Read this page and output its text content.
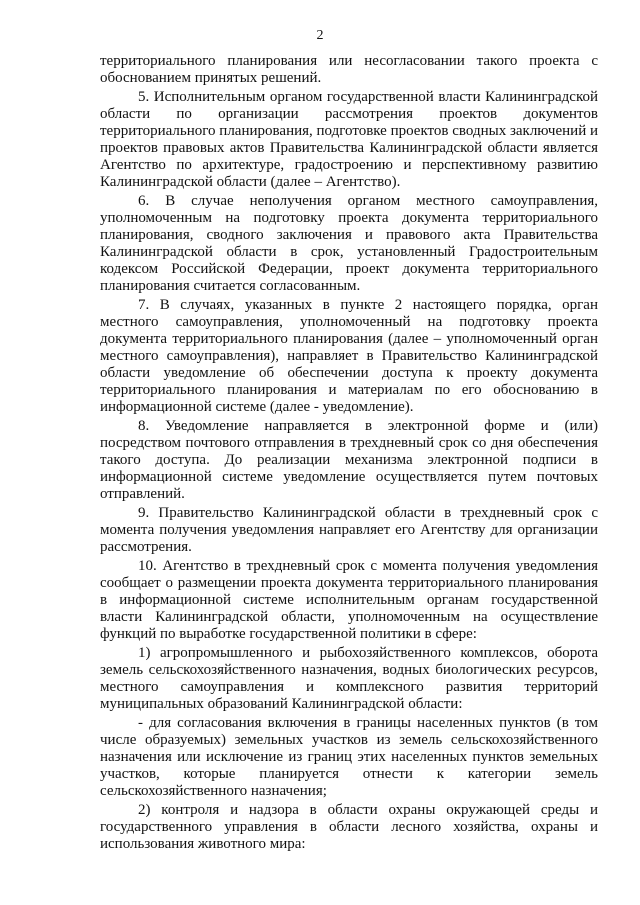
2

территориального планирования или несогласовании такого проекта с обоснованием принятых решений.

5. Исполнительным органом государственной власти Калининградской области по организации рассмотрения проектов документов территориального планирования, подготовке проектов сводных заключений и проектов правовых актов Правительства Калининградской области является Агентство по архитектуре, градостроению и перспективному развитию Калининградской области (далее – Агентство).

6. В случае неполучения органом местного самоуправления, уполномоченным на подготовку проекта документа территориального планирования, сводного заключения и правового акта Правительства Калининградской области в срок, установленный Градостроительным кодексом Российской Федерации, проект документа территориального планирования считается согласованным.

7. В случаях, указанных в пункте 2 настоящего порядка, орган местного самоуправления, уполномоченный на подготовку проекта документа территориального планирования (далее – уполномоченный орган местного самоуправления), направляет в Правительство Калининградской области уведомление об обеспечении доступа к проекту документа территориального планирования и материалам по его обоснованию в информационной системе (далее - уведомление).

8. Уведомление направляется в электронной форме и (или) посредством почтового отправления в трехдневный срок со дня обеспечения такого доступа. До реализации механизма электронной подписи в информационной системе уведомление осуществляется путем почтовых отправлений.

9. Правительство Калининградской области в трехдневный срок с момента получения уведомления направляет его Агентству для организации рассмотрения.

10. Агентство в трехдневный срок с момента получения уведомления сообщает о размещении проекта документа территориального планирования в информационной системе исполнительным органам государственной власти Калининградской области, уполномоченным на осуществление функций по выработке государственной политики в сфере:

1) агропромышленного и рыбохозяйственного комплексов, оборота земель сельскохозяйственного назначения, водных биологических ресурсов, местного самоуправления и комплексного развития территорий муниципальных образований Калининградской области:

- для согласования включения в границы населенных пунктов (в том числе образуемых) земельных участков из земель сельскохозяйственного назначения или исключение из границ этих населенных пунктов земельных участков, которые планируется отнести к категории земель сельскохозяйственного назначения;

2) контроля и надзора в области охраны окружающей среды и государственного управления в области лесного хозяйства, охраны и использования животного мира:
